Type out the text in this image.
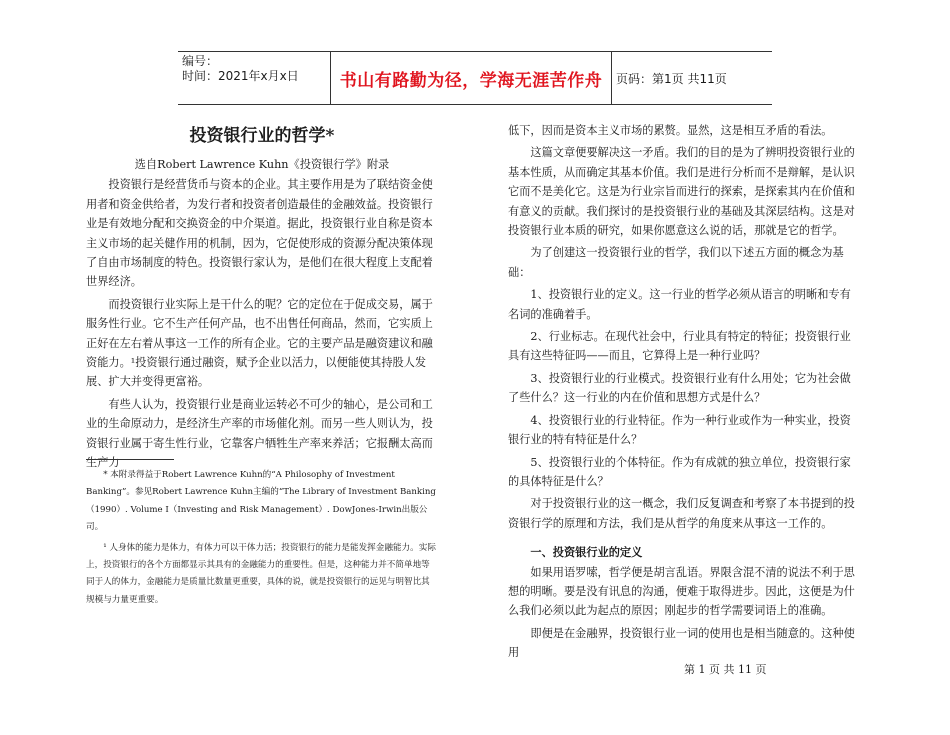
编号：
时间：2021年x月x日	书山有路勤为径，学海无涯苦作舟 页码：第1页 共11页

投资银行业的哲学*

选自Robert Lawrence Kuhn《投资银行学》附录

投资银行是经营货币与资本的企业。其主要作用是为了联结资金使用者和资金供给者，为发行者和投资者创造最佳的金融效益。投资银行业是有效地分配和交换资金的中介渠道。据此，投资银行业自称是资本主义市场的起关健作用的机制，因为，它促使形成的资源分配决策体现了自由市场制度的特色。投资银行家认为，是他们在很大程度上支配着世界经济。

而投资银行业实际上是干什么的呢？它的定位在于促成交易，属于服务性行业。它不生产任何产品，也不出售任何商品，然而，它实质上正好在左右着从事这一工作的所有企业。它的主要产品是融资建议和融资能力。¹投资银行通过融资，赋予企业以活力，以便能使其持股人发展、扩大并变得更富裕。

有些人认为，投资银行业是商业运转必不可少的轴心，是公司和工业的生命原动力，是经济生产率的市场催化剂。而另一些人则认为，投资银行业属于寄生性行业，它靠客户牺牲生产率来养活；它报酬太高而生产力

* 本附录得益于Robert Lawrence Kuhn的“A Philosophy of Investment Banking”。参见Robert Lawrence Kuhn主编的“The Library of Investment Banking（1990）. Volume Ⅰ（Investing and Risk Management）. DowJones-Irwin出版公司。

¹ 人身体的能力是体力，有体力可以干体力活；投资银行的能力是能发挥金融能力。实际上，投资银行的各个方面都显示其具有的金融能力的重要性。但是，这种能力并不简单地等同于人的体力，金融能力是质量比数量更重要，具体的说，就是投资银行的远见与明智比其规模与力量更重要。

低下，因而是资本主义市场的累赘。显然，这是相互矛盾的看法。

这篇文章便要解决这一矛盾。我们的目的是为了辨明投资银行业的基本性质，从而确定其基本价值。我们是进行分析而不是辩解，是认识它而不是美化它。这是为行业宗旨而进行的探索，是探索其内在价值和有意义的贡献。我们探讨的是投资银行业的基础及其深层结构。这是对投资银行业本质的研究，如果你愿意这么说的话，那就是它的哲学。

为了创建这一投资银行业的哲学，我们以下述五方面的概念为基础：

1、投资银行业的定义。这一行业的哲学必须从语言的明晰和专有名词的准确着手。

2、行业标志。在现代社会中，行业具有特定的特征；投资银行业具有这些特征吗——而且，它算得上是一种行业吗？

3、投资银行业的行业模式。投资银行业有什么用处；它为社会做了些什么？这一行业的内在价值和思想方式是什么？

4、投资银行业的行业特征。作为一种行业或作为一种实业，投资银行业的特有特征是什么？

5、投资银行业的个体特征。作为有成就的独立单位，投资银行家的具体特征是什么？

对于投资银行业的这一概念，我们反复调查和考察了本书提到的投资银行学的原理和方法，我们是从哲学的角度来从事这一工作的。

一、投资银行业的定义

如果用语罗嗦，哲学便是胡言乱语。界限含混不清的说法不利于思想的明晰。要是没有讯息的沟通，便难于取得进步。因此，这便是为什么我们必须以此为起点的原因；刚起步的哲学需要词语上的准确。

即便是在金融界，投资银行业一词的使用也是相当随意的。这种使用

第 1 页 共 11 页
